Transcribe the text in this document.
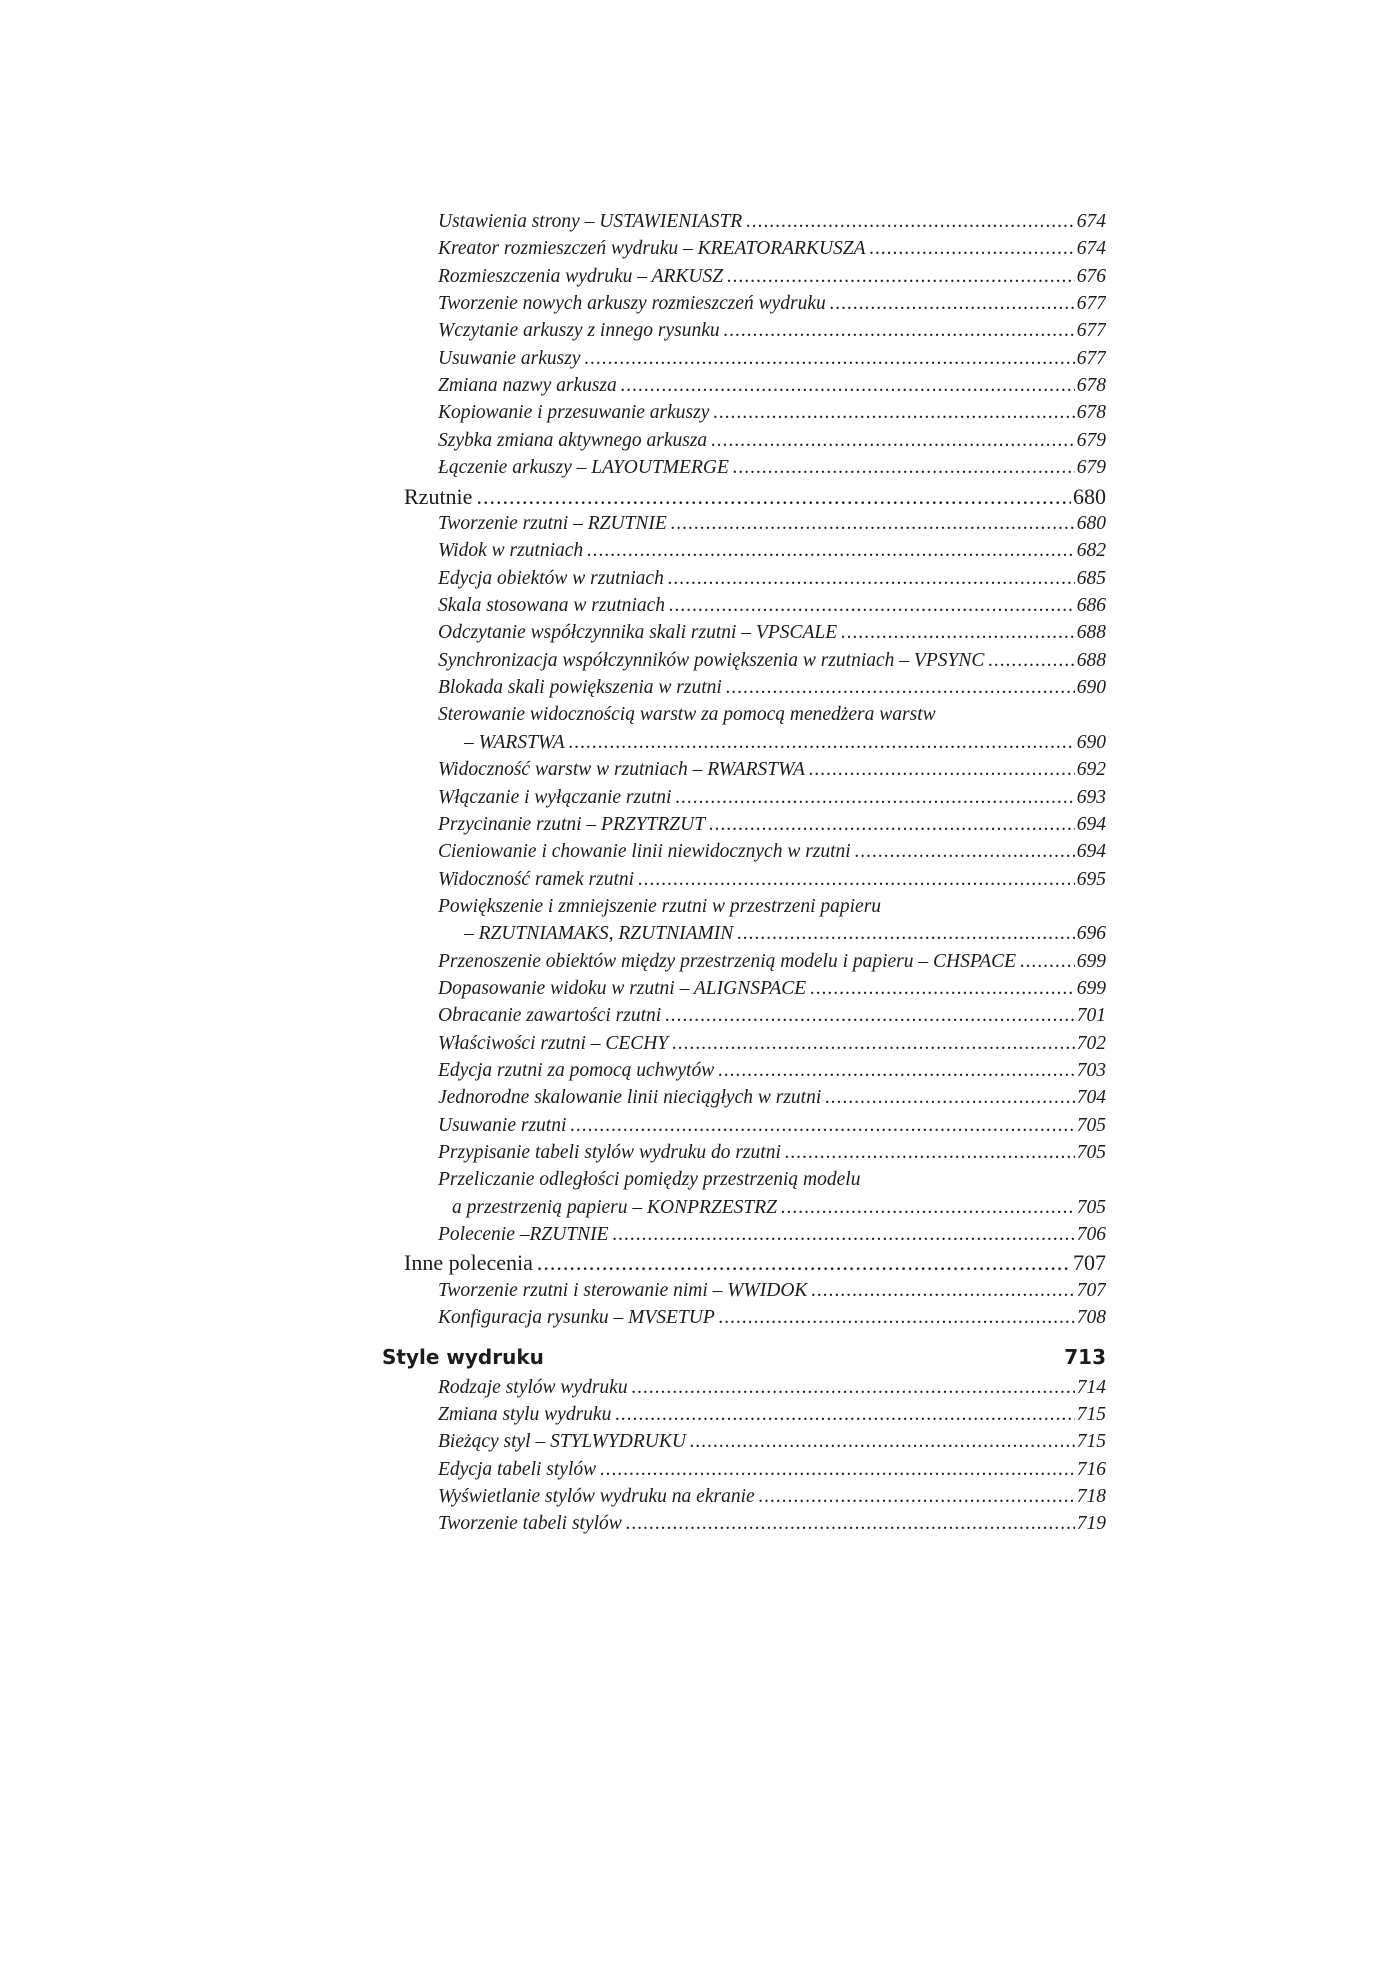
Ustawienia strony – USTAWIENIASTR .....	674
Kreator rozmieszczeń wydruku – KREATORARKUSZA .....	674
Rozmieszczenia wydruku – ARKUSZ .....	676
Tworzenie nowych arkuszy rozmieszczeń wydruku .....	677
Wczytanie arkuszy z innego rysunku .....	677
Usuwanie arkuszy .....	677
Zmiana nazwy arkusza .....	678
Kopiowanie i przesuwanie arkuszy .....	678
Szybka zmiana aktywnego arkusza .....	679
Łączenie arkuszy – LAYOUTMERGE .....	679
Rzutnie .....	680
Tworzenie rzutni – RZUTNIE .....	680
Widok w rzutniach .....	682
Edycja obiektów w rzutniach .....	685
Skala stosowana w rzutniach .....	686
Odczytanie współczynnika skali rzutni – VPSCALE .....	688
Synchronizacja współczynników powiększenia w rzutniach – VPSYNC .....	688
Blokada skali powiększenia w rzutni .....	690
Sterowanie widocznością warstw za pomocą menedżera warstw
– WARSTWA .....	690
Widoczność warstw w rzutniach – RWARSTWA .....	692
Włączanie i wyłączanie rzutni .....	693
Przycinanie rzutni – PRZYTRZUT .....	694
Cieniowanie i chowanie linii niewidocznych w rzutni .....	694
Widoczność ramek rzutni .....	695
Powiększenie i zmniejszenie rzutni w przestrzeni papieru
– RZUTNIAMAKS, RZUTNIAMIN .....	696
Przenoszenie obiektów między przestrzenią modelu i papieru – CHSPACE .....	699
Dopasowanie widoku w rzutni – ALIGNSPACE .....	699
Obracanie zawartości rzutni .....	701
Właściwości rzutni – CECHY .....	702
Edycja rzutni za pomocą uchwytów .....	703
Jednorodne skalowanie linii nieciągłych w rzutni .....	704
Usuwanie rzutni .....	705
Przypisanie tabeli stylów wydruku do rzutni .....	705
Przeliczanie odległości pomiędzy przestrzenią modelu
a przestrzenią papieru – KONPRZESTRZ .....	705
Polecenie –RZUTNIE .....	706
Inne polecenia .....	707
Tworzenie rzutni i sterowanie nimi – WWIDOK .....	707
Konfiguracja rysunku – MVSETUP .....	708
Style wydruku	713
Rodzaje stylów wydruku .....	714
Zmiana stylu wydruku .....	715
Bieżący styl – STYLWYDRUKU .....	715
Edycja tabeli stylów .....	716
Wyświetlanie stylów wydruku na ekranie .....	718
Tworzenie tabeli stylów .....	719
